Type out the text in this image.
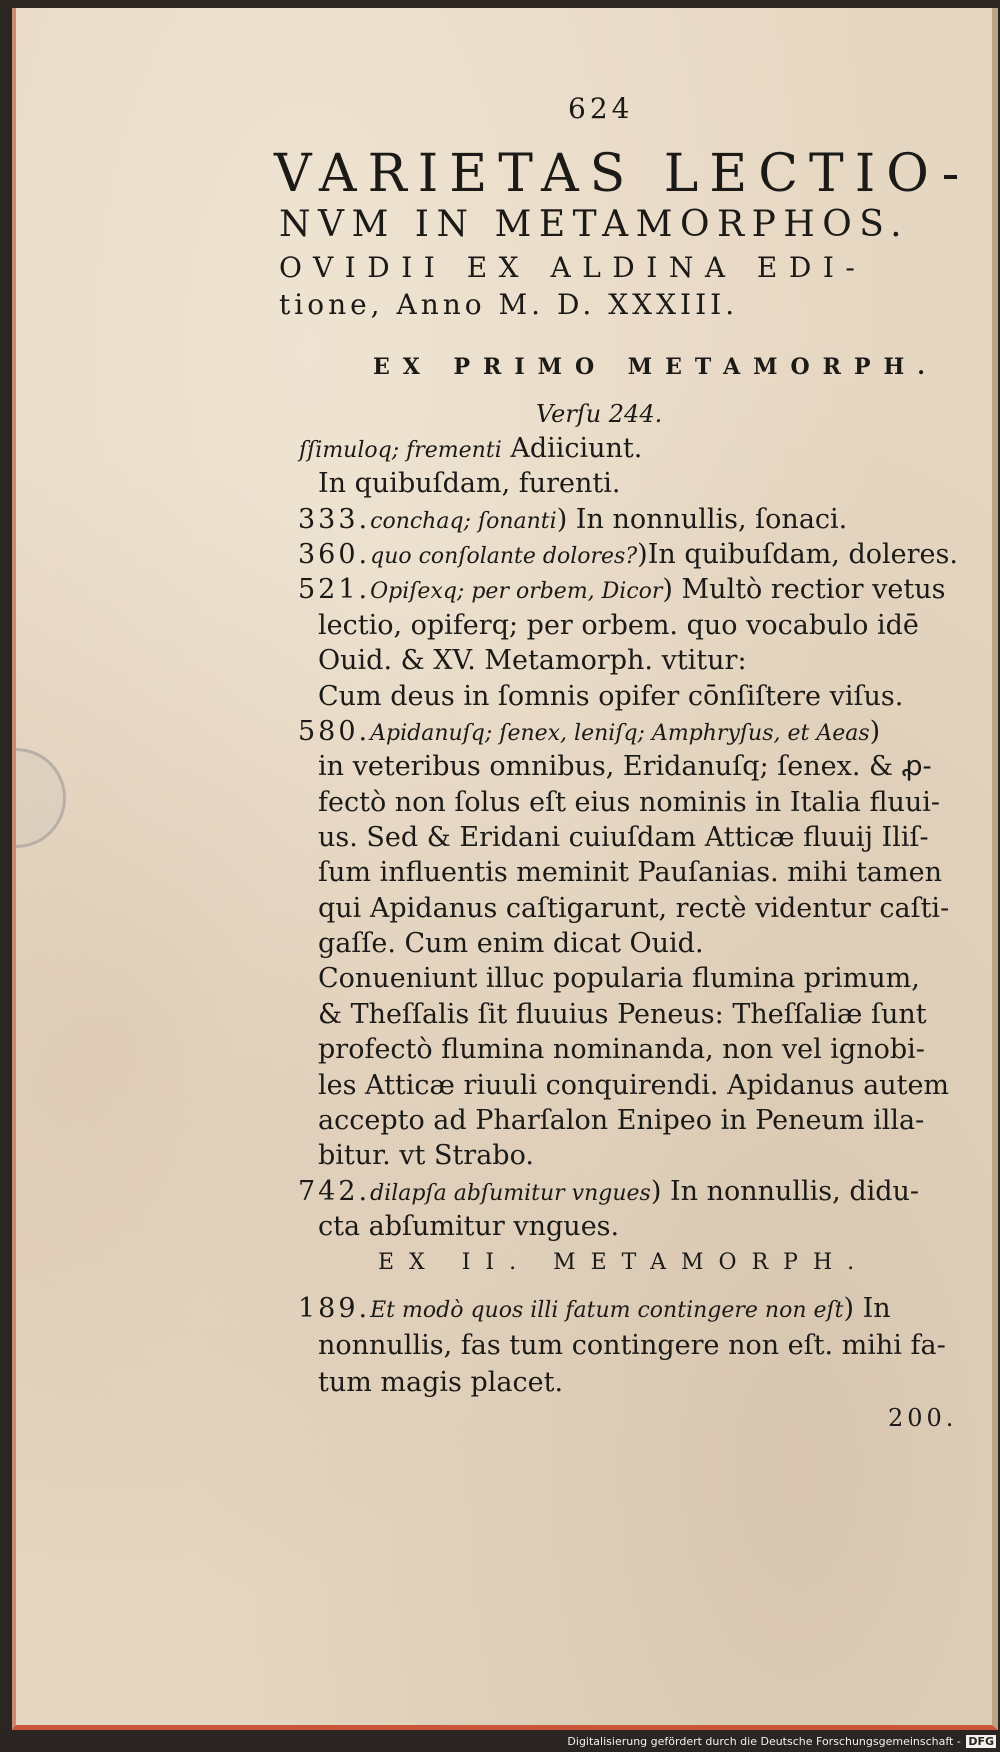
624
VARIETAS LECTIO-
NVM IN METAMORPHOS.
OVIDII EX ALDINA EDI-
tione, Anno M. D. XXXIII.
EX PRIMO METAMORPH.
Verſu 244.
ſſimuloq; frementi Adiiciunt.
In quibuſdam, furenti.
333.conchaq; ſonanti) In nonnullis, ſonaci.
360.quo conſolante dolores?)In quibuſdam, doleres.
521.Opiſexq; per orbem, Dicor) Multò rectior vetus
lectio, opiferq; per orbem. quo vocabulo idē
Ouid. & XV. Metamorph. vtitur:
Cum deus in ſomnis opifer cōnſiſtere viſus.
580.Apidanuſq; ſenex, leniſq; Amphryſus, et Aeas)
in veteribus omnibus, Eridanuſq; ſenex. & ꝓ-
fectò non ſolus eſt eius nominis in Italia fluui-
us. Sed & Eridani cuiuſdam Atticæ fluuij Iliſ-
ſum influentis meminit Pauſanias. mihi tamen
qui Apidanus caſtigarunt, rectè videntur caſti-
gaſſe. Cum enim dicat Ouid.
Conueniunt illuc popularia flumina primum,
& Theſſalis ſit fluuius Peneus: Theſſaliæ ſunt
profectò flumina nominanda, non vel ignobi-
les Atticæ riuuli conquirendi. Apidanus autem
accepto ad Pharſalon Enipeo in Peneum illa-
bitur. vt Strabo.
742.dilapſa abſumitur vngues) In nonnullis, didu-
cta abſumitur vngues.
189.Et modò quos illi fatum contingere non eſt) In
nonnullis, fas tum contingere non eſt. mihi fa-
tum magis placet.
EX II. METAMORPH.
200.
Digitalisierung gefördert durch die Deutsche Forschungsgemeinschaft - DFG
